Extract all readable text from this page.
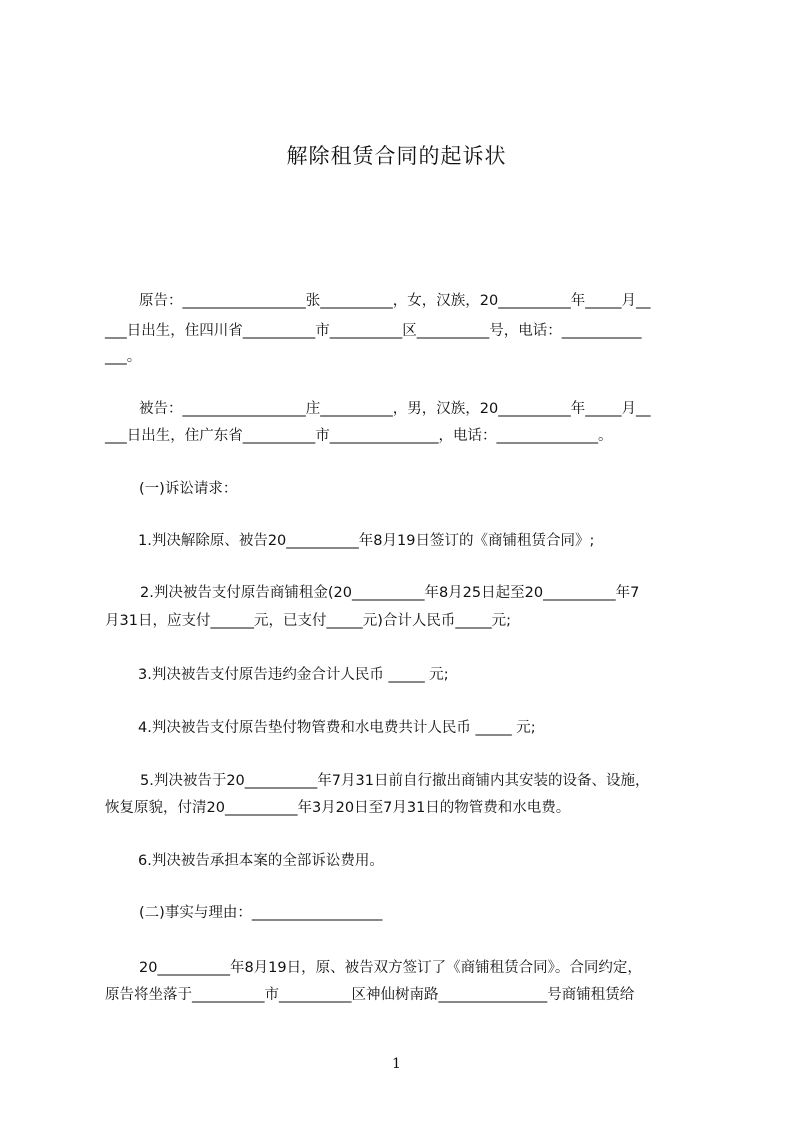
解除租赁合同的起诉状
原告：_________________张__________，女，汉族，20__________年_____月__
___日出生，住四川省__________市__________区__________号，电话：___________
___。
被告：_________________庄__________，男，汉族，20__________年_____月__
___日出生，住广东省__________市_______________，电话：______________。
(一)诉讼请求：
1.判决解除原、被告20__________年8月19日签订的《商铺租赁合同》;
2.判决被告支付原告商铺租金(20__________年8月25日起至20__________年7
月31日，应支付______元，已支付_____元)合计人民币_____元;
3.判决被告支付原告违约金合计人民币 _____ 元;
4.判决被告支付原告垫付物管费和水电费共计人民币 _____ 元;
5.判决被告于20__________年7月31日前自行撤出商铺内其安装的设备、设施，
恢复原貌，付清20__________年3月20日至7月31日的物管费和水电费。
6.判决被告承担本案的全部诉讼费用。
(二)事实与理由：__________________
20__________年8月19日，原、被告双方签订了《商铺租赁合同》。合同约定，
原告将坐落于__________市__________区神仙树南路_______________号商铺租赁给
1
